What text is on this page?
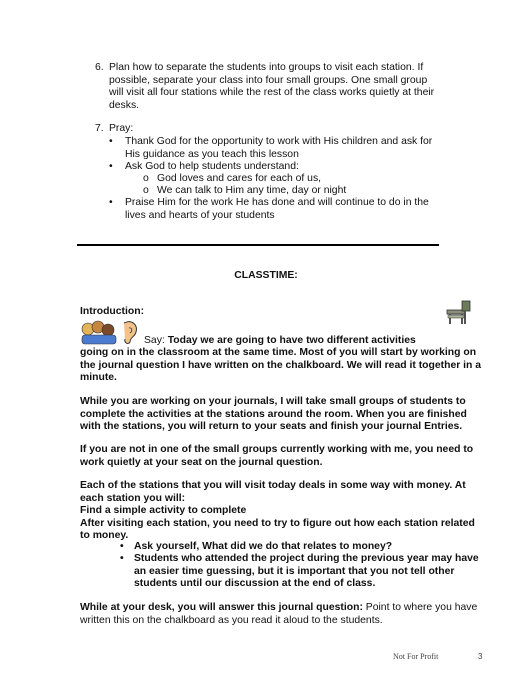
6. Plan how to separate the students into groups to visit each station. If
possible, separate your class into four small groups. One small group
will visit all four stations while the rest of the class works quietly at their
desks.
7. Pray:
• Thank God for the opportunity to work with His children and ask for
His guidance as you teach this lesson
• Ask God to help students understand:
o God loves and cares for each of us,
o We can talk to Him any time, day or night
• Praise Him for the work He has done and will continue to do in the
lives and hearts of your students
CLASSTIME:
Introduction:
Say: Today we are going to have two different activities
going on in the classroom at the same time. Most of you will start by working on
the journal question I have written on the chalkboard. We will read it together in a
minute.
While you are working on your journals, I will take small groups of students to
complete the activities at the stations around the room. When you are finished
with the stations, you will return to your seats and finish your journal Entries.
If you are not in one of the small groups currently working with me, you need to
work quietly at your seat on the journal question.
Each of the stations that you will visit today deals in some way with money. At
each station you will:
Find a simple activity to complete
After visiting each station, you need to try to figure out how each station related
to money.
• Ask yourself, What did we do that relates to money?
• Students who attended the project during the previous year may have
an easier time guessing, but it is important that you not tell other
students until our discussion at the end of class.
While at your desk, you will answer this journal question: Point to where you have
written this on the chalkboard as you read it aloud to the students.
Not For Profit	3
